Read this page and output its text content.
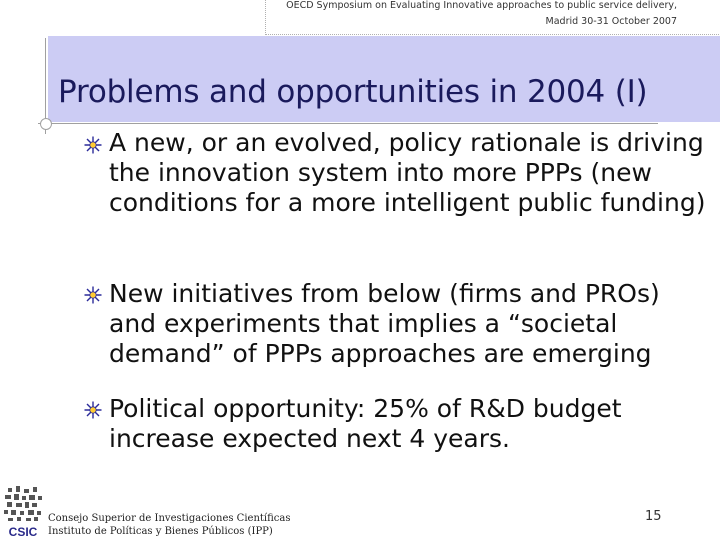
OECD Symposium on Evaluating Innovative approaches to public service delivery,
Madrid 30-31 October 2007
Problems and opportunities in 2004 (I)
A new, or an evolved, policy rationale is driving the innovation system into more PPPs (new conditions for a more intelligent public funding)
New initiatives from below (firms and PROs) and experiments that implies a “societal demand” of PPPs approaches are emerging
Political opportunity: 25% of R&D budget increase expected next 4 years.
CSIC
Consejo Superior de Investigaciones Científicas
Instituto de Políticas y Bienes Públicos (IPP)
15
